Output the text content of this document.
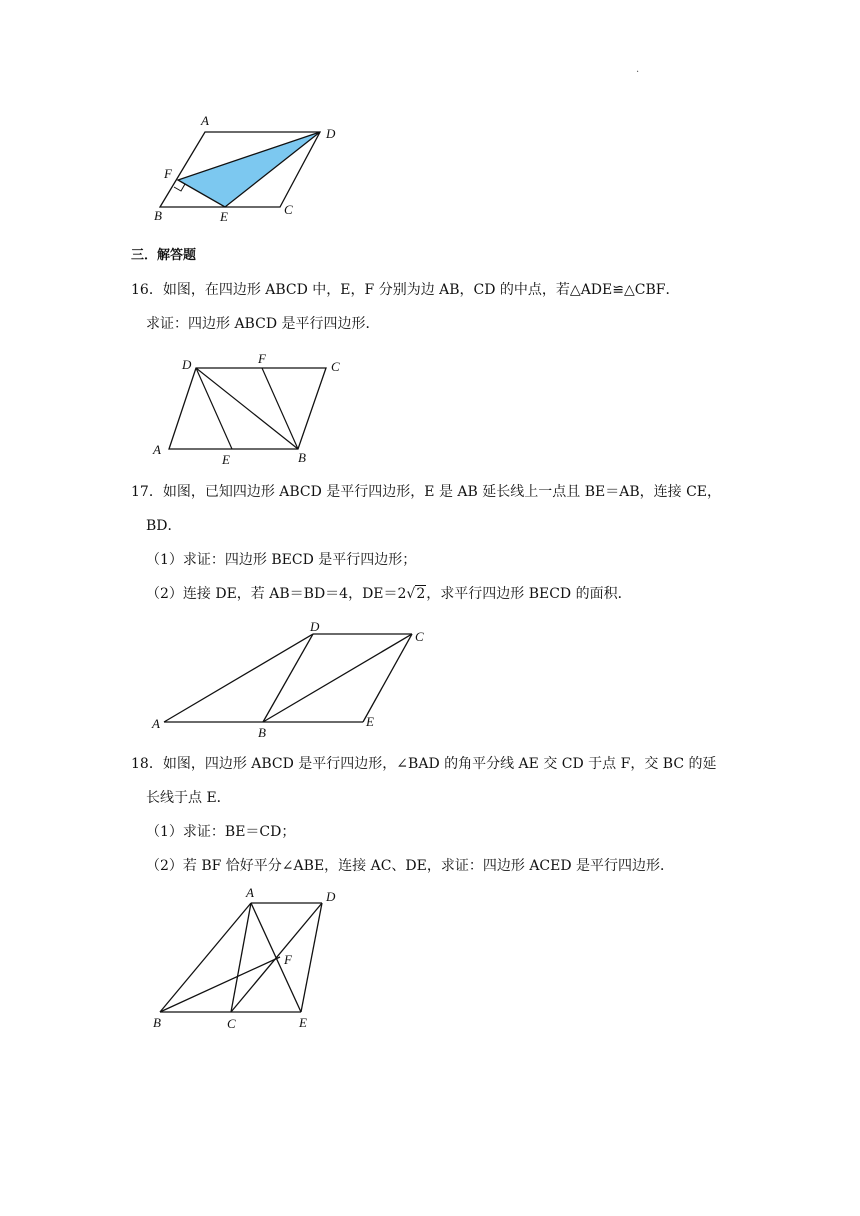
.
A
D
F
B	E	C
三．解答题
16．如图，在四边形 ABCD 中，E，F 分别为边 AB，CD 的中点，若△ADE≌△CBF．
求证：四边形 ABCD 是平行四边形．
D	F
C
A
E	B
17．如图，已知四边形 ABCD 是平行四边形，E 是 AB 延长线上一点且 BE＝AB，连接 CE，
BD．
（1）求证：四边形 BECD 是平行四边形；
（2）连接 DE，若 AB＝BD＝4，DE＝2√2，求平行四边形 BECD 的面积．
D
C
A
B
E
18．如图，四边形 ABCD 是平行四边形，∠BAD 的角平分线 AE 交 CD 于点 F，交 BC 的延
长线于点 E．
（1）求证：BE＝CD；
（2）若 BF 恰好平分∠ABE，连接 AC、DE，求证：四边形 ACED 是平行四边形．
A	D
F
B	C	E
